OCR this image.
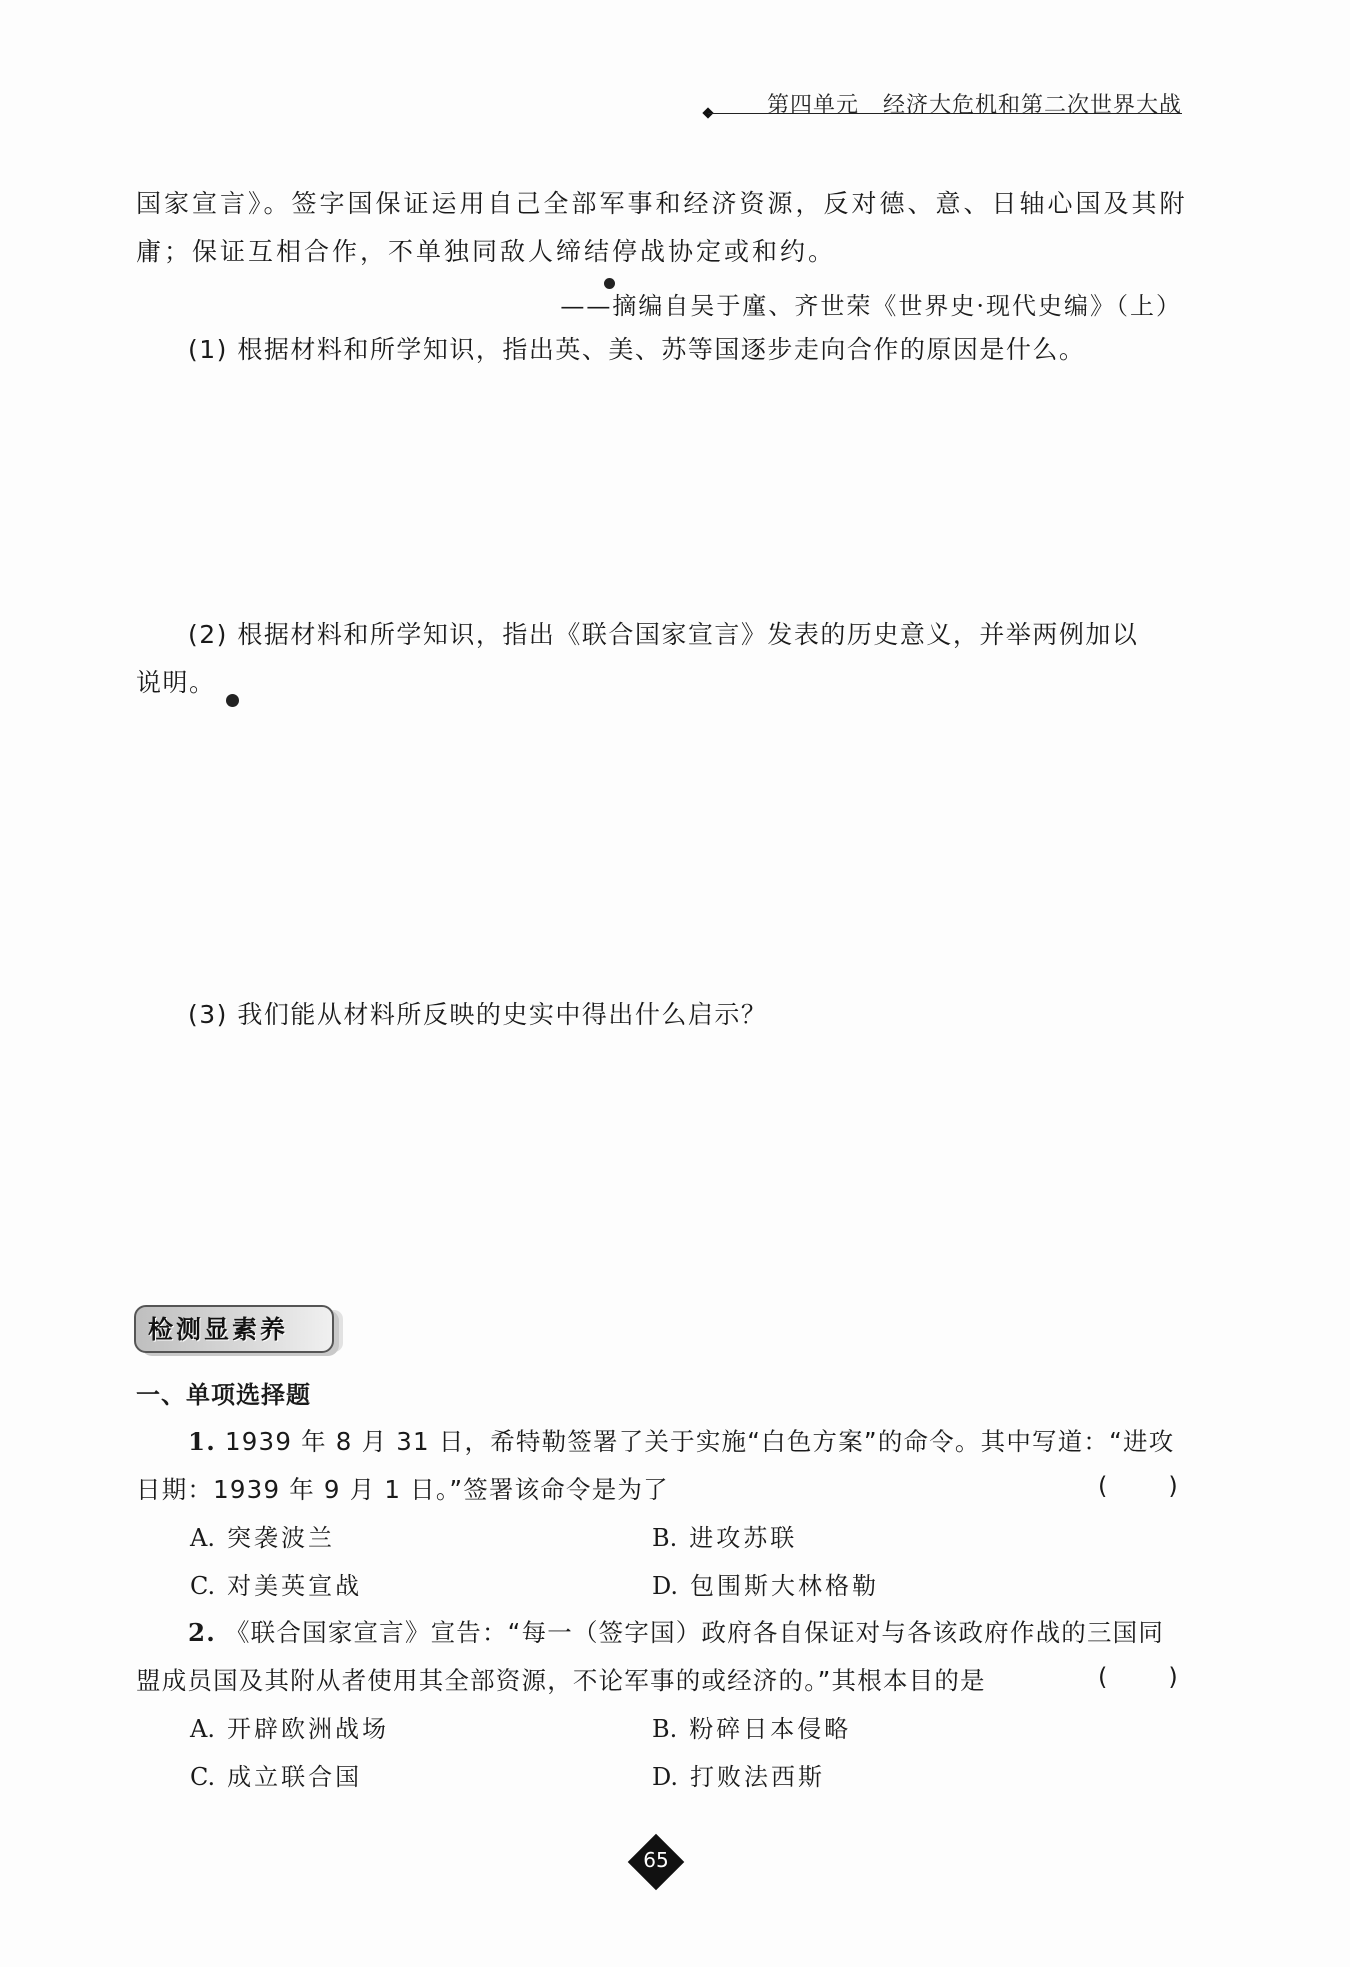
第四单元 经济大危机和第二次世界大战
国家宣言》。签字国保证运用自己全部军事和经济资源，反对德、意、日轴心国及其附
庸；保证互相合作，不单独同敌人缔结停战协定或和约。
——摘编自吴于廑、齐世荣《世界史·现代史编》（上）
(1) 根据材料和所学知识，指出英、美、苏等国逐步走向合作的原因是什么。
(2) 根据材料和所学知识，指出《联合国家宣言》发表的历史意义，并举两例加以
说明。
(3) 我们能从材料所反映的史实中得出什么启示？
检测显素养
一、单项选择题
1. 1939 年 8 月 31 日，希特勒签署了关于实施“白色方案”的命令。其中写道：“进攻
日期：1939 年 9 月 1 日。”签署该命令是为了	(        )
A. 突袭波兰	B. 进攻苏联
C. 对美英宣战	D. 包围斯大林格勒
2. 《联合国家宣言》宣告：“每一（签字国）政府各自保证对与各该政府作战的三国同
盟成员国及其附从者使用其全部资源，不论军事的或经济的。”其根本目的是	(        )
A. 开辟欧洲战场	B. 粉碎日本侵略
C. 成立联合国	D. 打败法西斯
65
